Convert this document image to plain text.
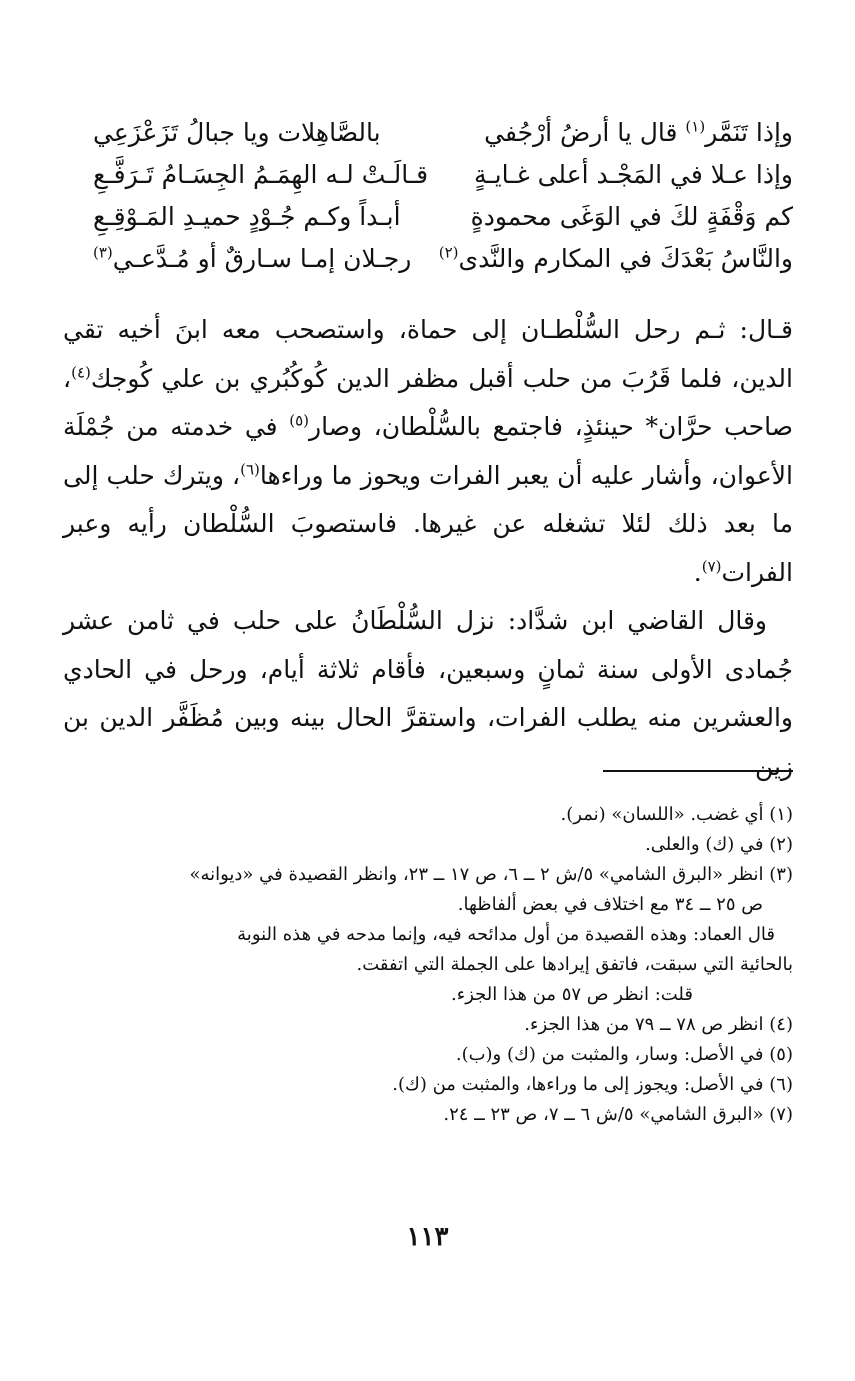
وإذا تَنَمَّر$^{(١)}$ قال يا أرضُ أرْجُفي
بالصَّاهِلات ويا جبالُ تَزَعْزَعِي
وإذا عـلا في المَجْـد أعلى غـايـةٍ
قـالَـتْ لـه الهِمَـمُ الجِسَـامُ تَـرَفَّـعِ
كم وَقْفَةٍ لكَ في الوَغَى محمودةٍ
أبـداً وكـم جُـوْدٍ حميـدِ المَـوْقِـعِ
والنَّاسُ بَعْدَكَ في المكارم والنَّدى$^{(٢)}$
رجـلان إمـا سـارقٌ أو مُـدَّعـي$^{(٣)}$

قـال: ثـم رحل السُّلْطـان إلى حماة، واستصحب معه ابنَ أخيه تقي الدين، فلما قَرُبَ من حلب أقبل مظفر الدين كُوكُبُري بن علي كُوجك$^{(٤)}$، صاحب حرَّان* حينئذٍ، فاجتمع بالسُّلْطان، وصار$^{(٥)}$ في خدمته من جُمْلَة الأعوان، وأشار عليه أن يعبر الفرات ويحوز ما وراءها$^{(٦)}$، ويترك حلب إلى ما بعد ذلك لئلا تشغله عن غيرها. فاستصوبَ السُّلْطان رأيه وعبر الفرات$^{(٧)}$.

وقال القاضي ابن شدَّاد: نزل السُّلْطَانُ على حلب في ثامن عشر جُمادى الأولى سنة ثمانٍ وسبعين، فأقام ثلاثة أيام، ورحل في الحادي والعشرين منه يطلب الفرات، واستقرَّ الحال بينه وبين مُظَفَّر الدين بن زين

(١) أي غضب. «اللسان» (نمر).

(٢) في (ك) والعلى.

(٣) انظر «البرق الشامي» ٥/ش ٢ ــ ٦، ص ١٧ ــ ٢٣، وانظر القصيدة في «ديوانه»

ص ٢٥ ــ ٣٤ مع اختلاف في بعض ألفاظها.

قال العماد: وهذه القصيدة من أول مدائحه فيه، وإنما مدحه في هذه النوبة

بالحائية التي سبقت، فاتفق إيرادها على الجملة التي اتفقت.

قلت: انظر ص ٥٧ من هذا الجزء.

(٤) انظر ص ٧٨ ــ ٧٩ من هذا الجزء.

(٥) في الأصل: وسار، والمثبت من (ك) و(ب).

(٦) في الأصل: ويجوز إلى ما وراءها، والمثبت من (ك).

(٧) «البرق الشامي» ٥/ش ٦ ــ ٧، ص ٢٣ ــ ٢٤.

١١٣
